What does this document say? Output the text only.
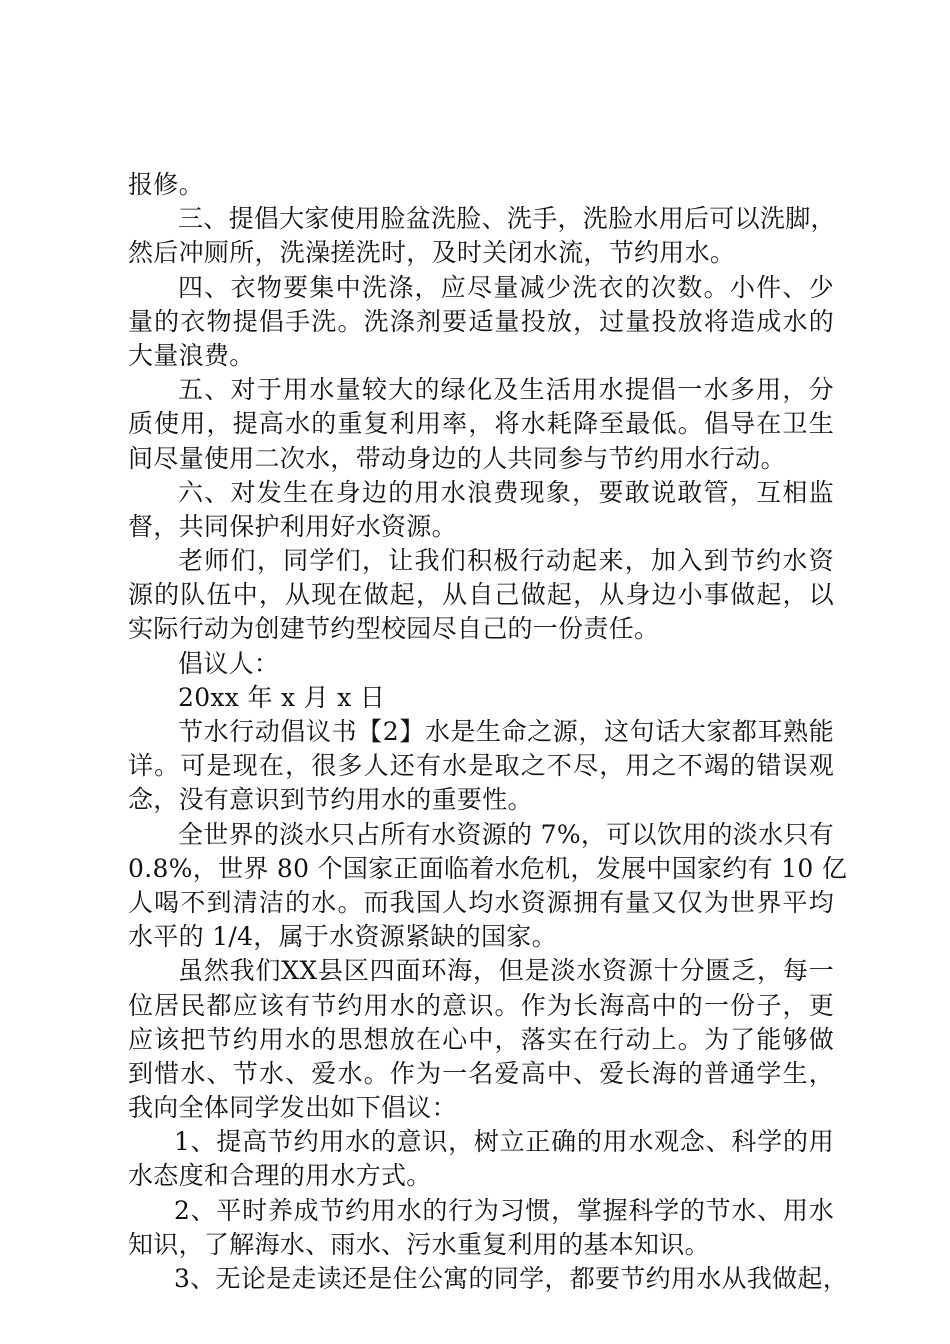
报修。
三、提倡大家使用脸盆洗脸、洗手，洗脸水用后可以洗脚，
然后冲厕所，洗澡搓洗时，及时关闭水流，节约用水。
四、衣物要集中洗涤，应尽量减少洗衣的次数。小件、少
量的衣物提倡手洗。洗涤剂要适量投放，过量投放将造成水的
大量浪费。
五、对于用水量较大的绿化及生活用水提倡一水多用，分
质使用，提高水的重复利用率，将水耗降至最低。倡导在卫生
间尽量使用二次水，带动身边的人共同参与节约用水行动。
六、对发生在身边的用水浪费现象，要敢说敢管，互相监
督，共同保护利用好水资源。
老师们，同学们，让我们积极行动起来，加入到节约水资
源的队伍中，从现在做起，从自己做起，从身边小事做起，以
实际行动为创建节约型校园尽自己的一份责任。
倡议人：
20xx 年 x 月 x 日
节水行动倡议书【2】水是生命之源，这句话大家都耳熟能
详。可是现在，很多人还有水是取之不尽，用之不竭的错误观
念，没有意识到节约用水的重要性。
全世界的淡水只占所有水资源的 7%，可以饮用的淡水只有
0.8%，世界 80 个国家正面临着水危机，发展中国家约有 10 亿
人喝不到清洁的水。而我国人均水资源拥有量又仅为世界平均
水平的 1/4，属于水资源紧缺的国家。
虽然我们XX县区四面环海，但是淡水资源十分匮乏，每一
位居民都应该有节约用水的意识。作为长海高中的一份子，更
应该把节约用水的思想放在心中，落实在行动上。为了能够做
到惜水、节水、爱水。作为一名爱高中、爱长海的普通学生，
我向全体同学发出如下倡议：
1、提高节约用水的意识，树立正确的用水观念、科学的用
水态度和合理的用水方式。
2、平时养成节约用水的行为习惯，掌握科学的节水、用水
知识，了解海水、雨水、污水重复利用的基本知识。
3、无论是走读还是住公寓的同学，都要节约用水从我做起，
